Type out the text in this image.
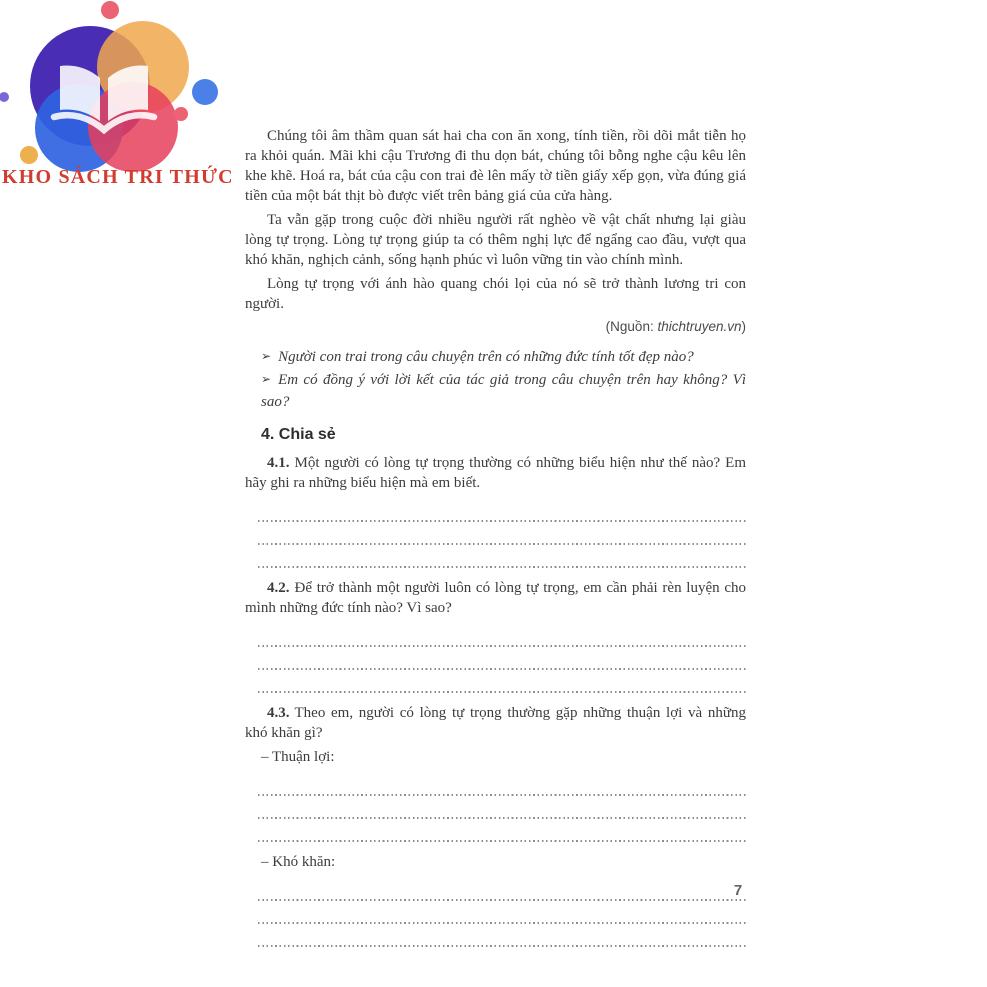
KHO SÁCH TRI THỨC

Chúng tôi âm thầm quan sát hai cha con ăn xong, tính tiền, rồi dõi mắt tiễn họ ra khỏi quán. Mãi khi cậu Trương đi thu dọn bát, chúng tôi bỗng nghe cậu kêu lên khe khẽ. Hoá ra, bát của cậu con trai đè lên mấy tờ tiền giấy xếp gọn, vừa đúng giá tiền của một bát thịt bò được viết trên bảng giá của cửa hàng.

Ta vẫn gặp trong cuộc đời nhiều người rất nghèo về vật chất nhưng lại giàu lòng tự trọng. Lòng tự trọng giúp ta có thêm nghị lực để ngẩng cao đầu, vượt qua khó khăn, nghịch cảnh, sống hạnh phúc vì luôn vững tin vào chính mình.

Lòng tự trọng với ánh hào quang chói lọi của nó sẽ trở thành lương tri con người.

(Nguồn: thichtruyen.vn)

➢ Người con trai trong câu chuyện trên có những đức tính tốt đẹp nào?
➢ Em có đồng ý với lời kết của tác giả trong câu chuyện trên hay không? Vì sao?
4. Chia sẻ

4.1. Một người có lòng tự trọng thường có những biểu hiện như thế nào? Em hãy ghi ra những biểu hiện mà em biết.

4.2. Để trở thành một người luôn có lòng tự trọng, em cần phải rèn luyện cho mình những đức tính nào? Vì sao?

4.3. Theo em, người có lòng tự trọng thường gặp những thuận lợi và những khó khăn gì?

– Thuận lợi:

– Khó khăn:

7
